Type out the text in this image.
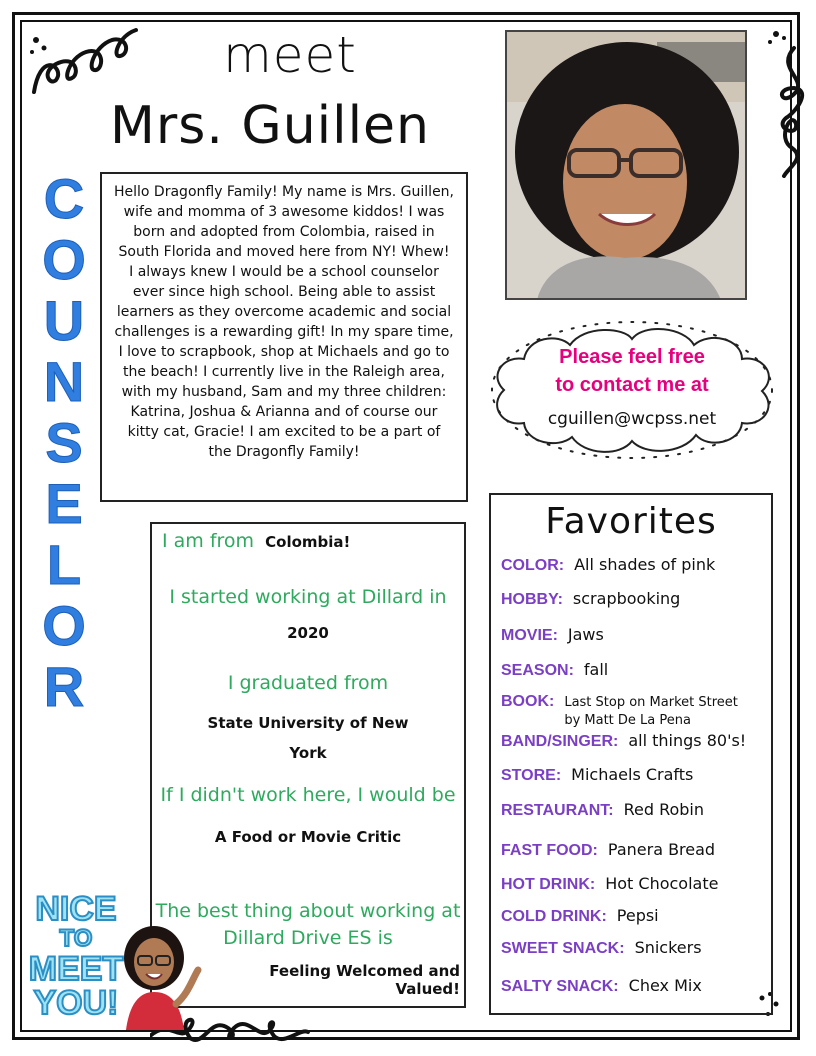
meet
Mrs. Guillen
C
O
U
N
S
E
L
O
R
Hello Dragonfly Family! My name is Mrs. Guillen, wife and momma of 3 awesome kiddos! I was born and adopted from Colombia, raised in South Florida and moved here from NY! Whew!
I always knew I would be a school counselor ever since high school. Being able to assist learners as they overcome academic and social challenges is a rewarding gift! In my spare time, I love to scrapbook, shop at Michaels and go to the beach! I currently live in the Raleigh area, with my husband, Sam and my three children: Katrina, Joshua & Arianna and of course our kitty cat, Gracie! I am excited to be a part of the Dragonfly Family!
Please feel free
to contact me at
cguillen@wcpss.net
I am from Colombia!
I started working at Dillard in
2020
I graduated from
State University of New
York
If I didn't work here, I would be
A Food or Movie Critic
The best thing about working at
Dillard Drive ES is
Feeling Welcomed and Valued!
Favorites
COLOR: All shades of pink
HOBBY: scrapbooking
MOVIE: Jaws
SEASON: fall
BOOK: Last Stop on Market Street
by Matt De La Pena
BAND/SINGER: all things 80's!
STORE: Michaels Crafts
RESTAURANT: Red Robin
FAST FOOD: Panera Bread
HOT DRINK: Hot Chocolate
COLD DRINK: Pepsi
SWEET SNACK: Snickers
SALTY SNACK: Chex Mix
NICE
TO
MEET
YOU!
